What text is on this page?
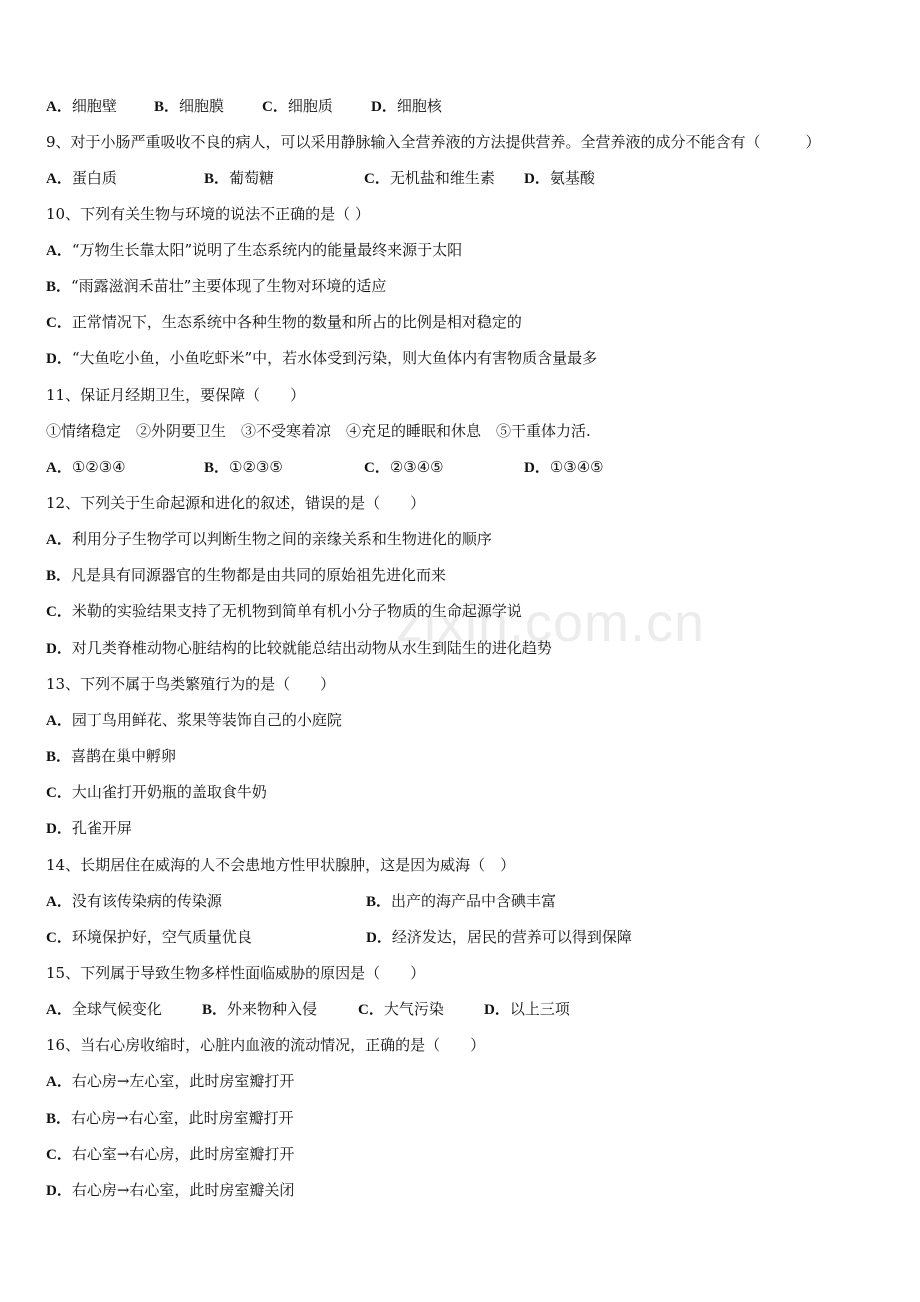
zixin.com.cn
A．细胞壁 B．细胞膜	C．细胞质	D．细胞核
9、对于小肠严重吸收不良的病人，可以采用静脉输入全营养液的方法提供营养。全营养液的成分不能含有（　　　）
A．蛋白质	B．葡萄糖	C．无机盐和维生素 D．氨基酸
10、下列有关生物与环境的说法不正确的是（ ）
A．“万物生长靠太阳”说明了生态系统内的能量最终来源于太阳
B．“雨露滋润禾苗壮”主要体现了生物对环境的适应
C．正常情况下，生态系统中各种生物的数量和所占的比例是相对稳定的
D．“大鱼吃小鱼，小鱼吃虾米”中，若水体受到污染，则大鱼体内有害物质含量最多
11、保证月经期卫生，要保障（　　）
①情绪稳定　②外阴要卫生　③不受寒着凉　④充足的睡眠和休息　⑤干重体力活.
A．①②③④	B．①②③⑤	C．②③④⑤	D．①③④⑤
12、下列关于生命起源和进化的叙述，错误的是（　　）
A．利用分子生物学可以判断生物之间的亲缘关系和生物进化的顺序
B．凡是具有同源器官的生物都是由共同的原始祖先进化而来
C．米勒的实验结果支持了无机物到简单有机小分子物质的生命起源学说
D．对几类脊椎动物心脏结构的比较就能总结出动物从水生到陆生的进化趋势
13、下列不属于鸟类繁殖行为的是（　　）
A．园丁鸟用鲜花、浆果等装饰自己的小庭院
B．喜鹊在巢中孵卵
C．大山雀打开奶瓶的盖取食牛奶
D．孔雀开屏
14、长期居住在威海的人不会患地方性甲状腺肿，这是因为威海（　）
A．没有该传染病的传染源	B．出产的海产品中含碘丰富
C．环境保护好，空气质量优良	D．经济发达，居民的营养可以得到保障
15、下列属于导致生物多样性面临威胁的原因是（　　）
A．全球气候变化	B．外来物种入侵	C．大气污染	D．以上三项
16、当右心房收缩时，心脏内血液的流动情况，正确的是（　　）
A．右心房→左心室，此时房室瓣打开
B．右心房→右心室，此时房室瓣打开
C．右心室→右心房，此时房室瓣打开
D．右心房→右心室，此时房室瓣关闭
